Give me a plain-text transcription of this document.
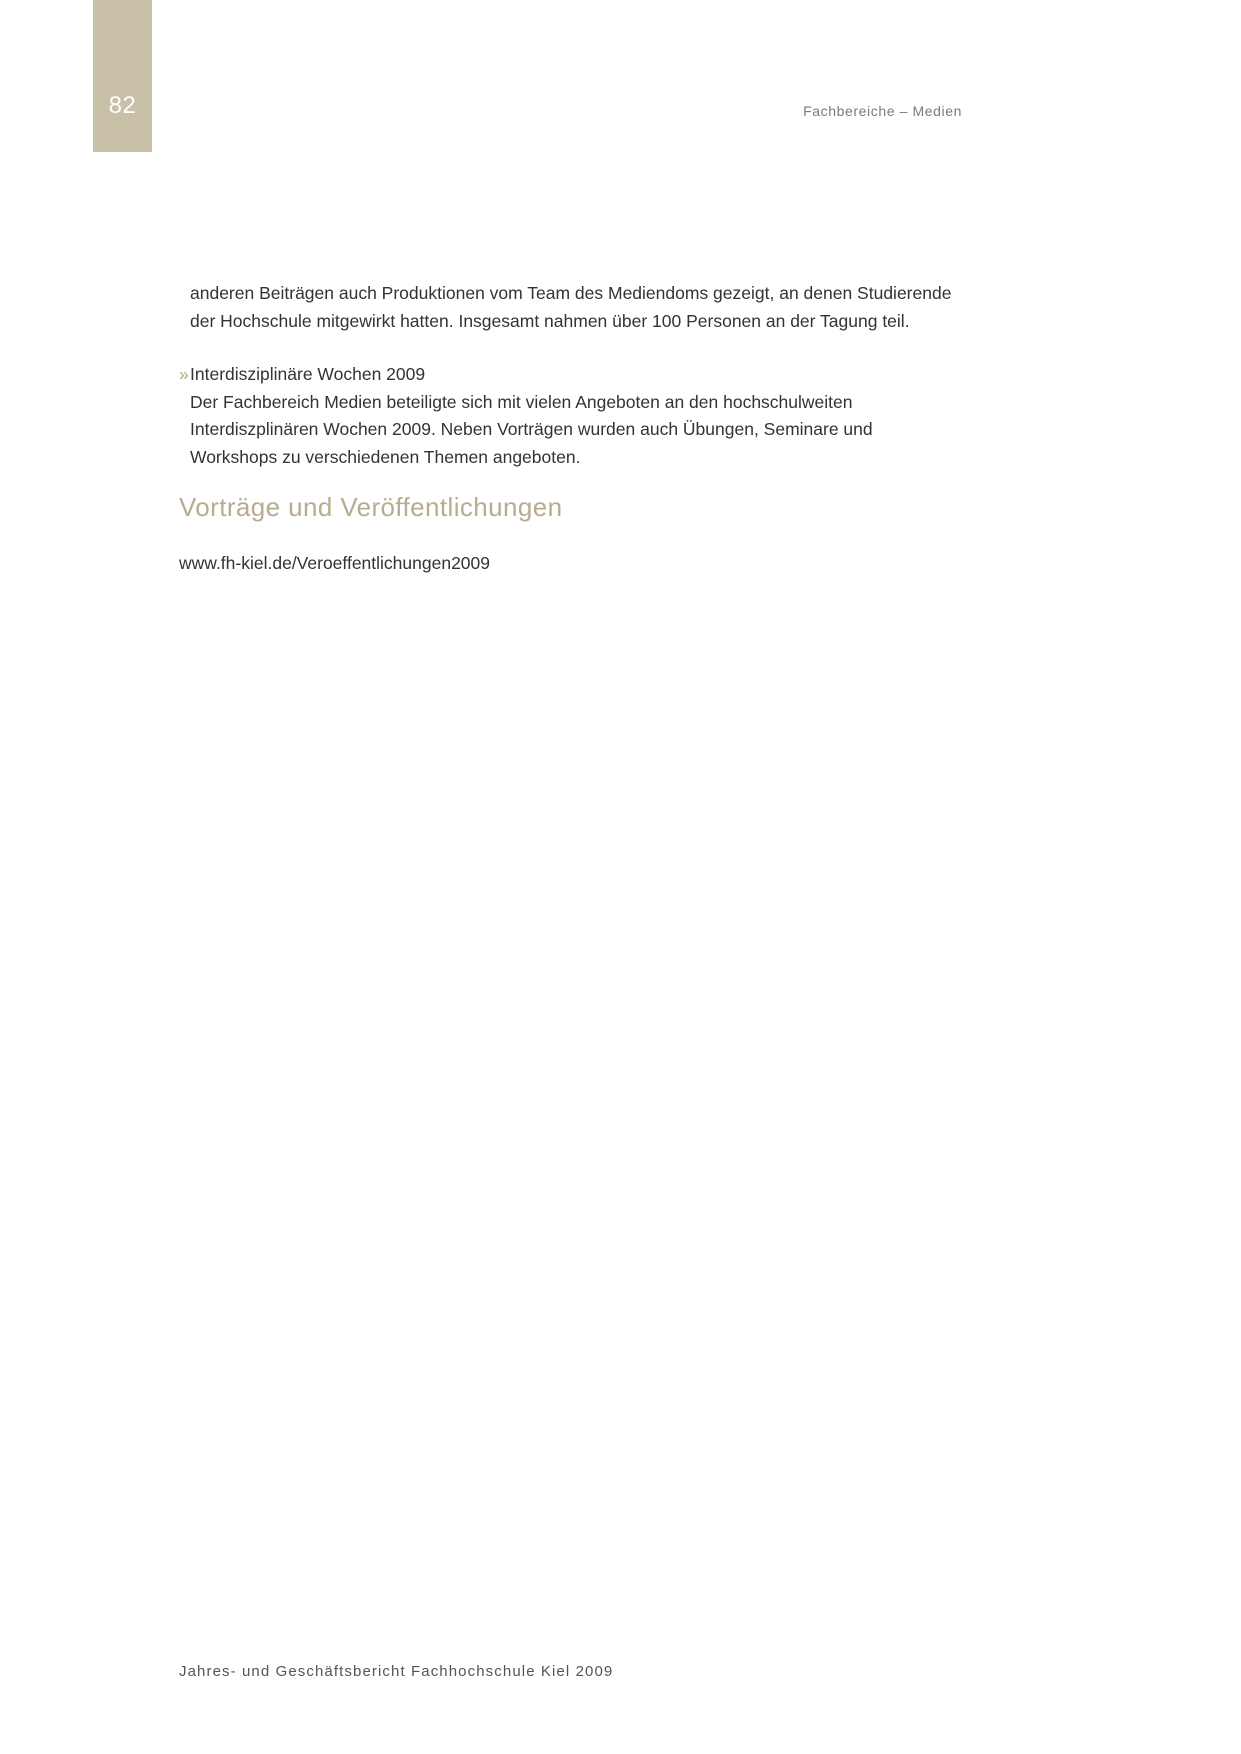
82	Fachbereiche – Medien
anderen Beiträgen auch Produktionen vom Team des Mediendoms gezeigt, an denen Studierende
der Hochschule mitgewirkt hatten. Insgesamt nahmen über 100 Personen an der Tagung teil.
» Interdisziplinäre Wochen 2009
Der Fachbereich Medien beteiligte sich mit vielen Angeboten an den hochschulweiten
Interdiszplinären Wochen 2009. Neben Vorträgen wurden auch Übungen, Seminare und
Workshops zu verschiedenen Themen angeboten.
Vorträge und Veröffentlichungen
www.fh-kiel.de/Veroeffentlichungen2009
Jahres- und Geschäftsbericht Fachhochschule Kiel 2009
